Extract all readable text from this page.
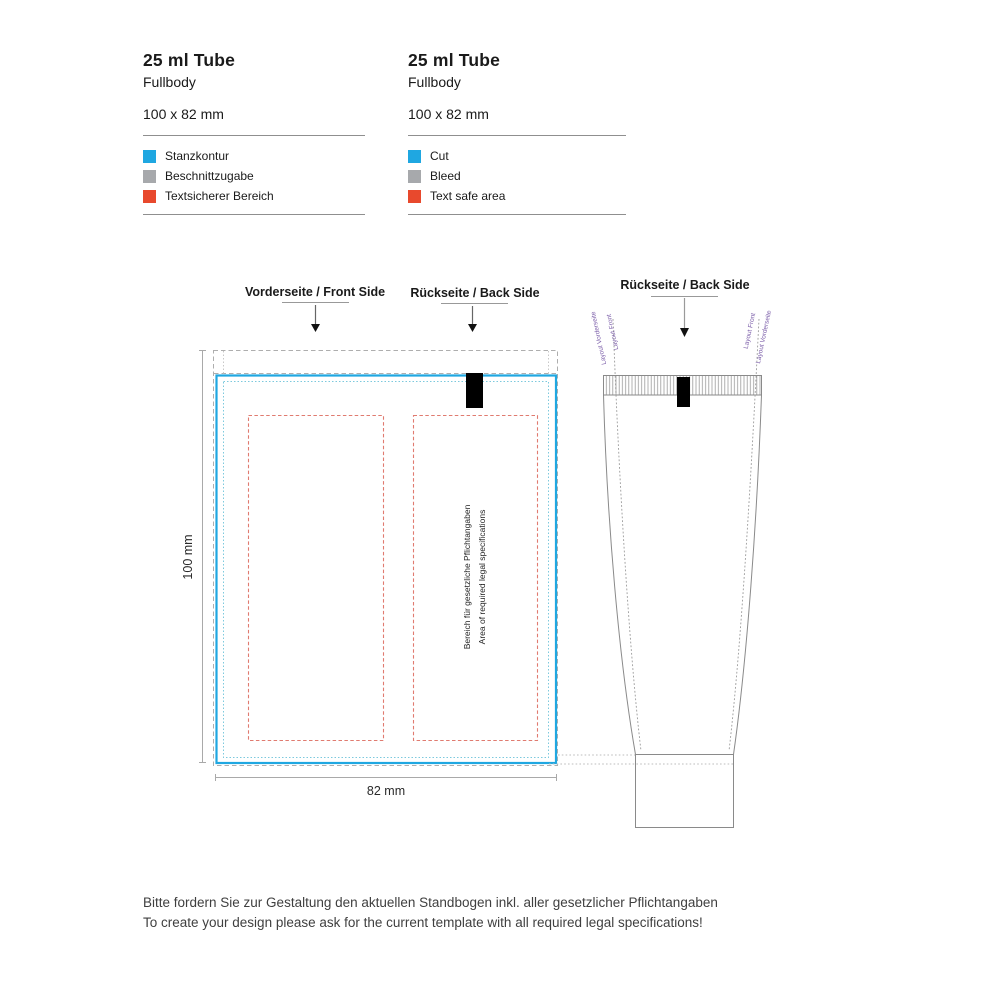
25 ml Tube
Fullbody
100 x 82 mm
Stanzkontur
Beschnittzugabe
Textsicherer Bereich
25 ml Tube
Fullbody
100 x 82 mm
Cut
Bleed
Text safe area
Vorderseite / Front Side Rückseite / Back Side
Rückseite / Back Side
100 mm
82 mm
Bereich für gesetzliche Pflichtangaben Area of required legal specifications
Layout Vorderseite
Layout Front	Layout Front
Layout Vorderseite
Bitte fordern Sie zur Gestaltung den aktuellen Standbogen inkl. aller gesetzlicher Pflichtangaben
To create your design please ask for the current template with all required legal specifications!
